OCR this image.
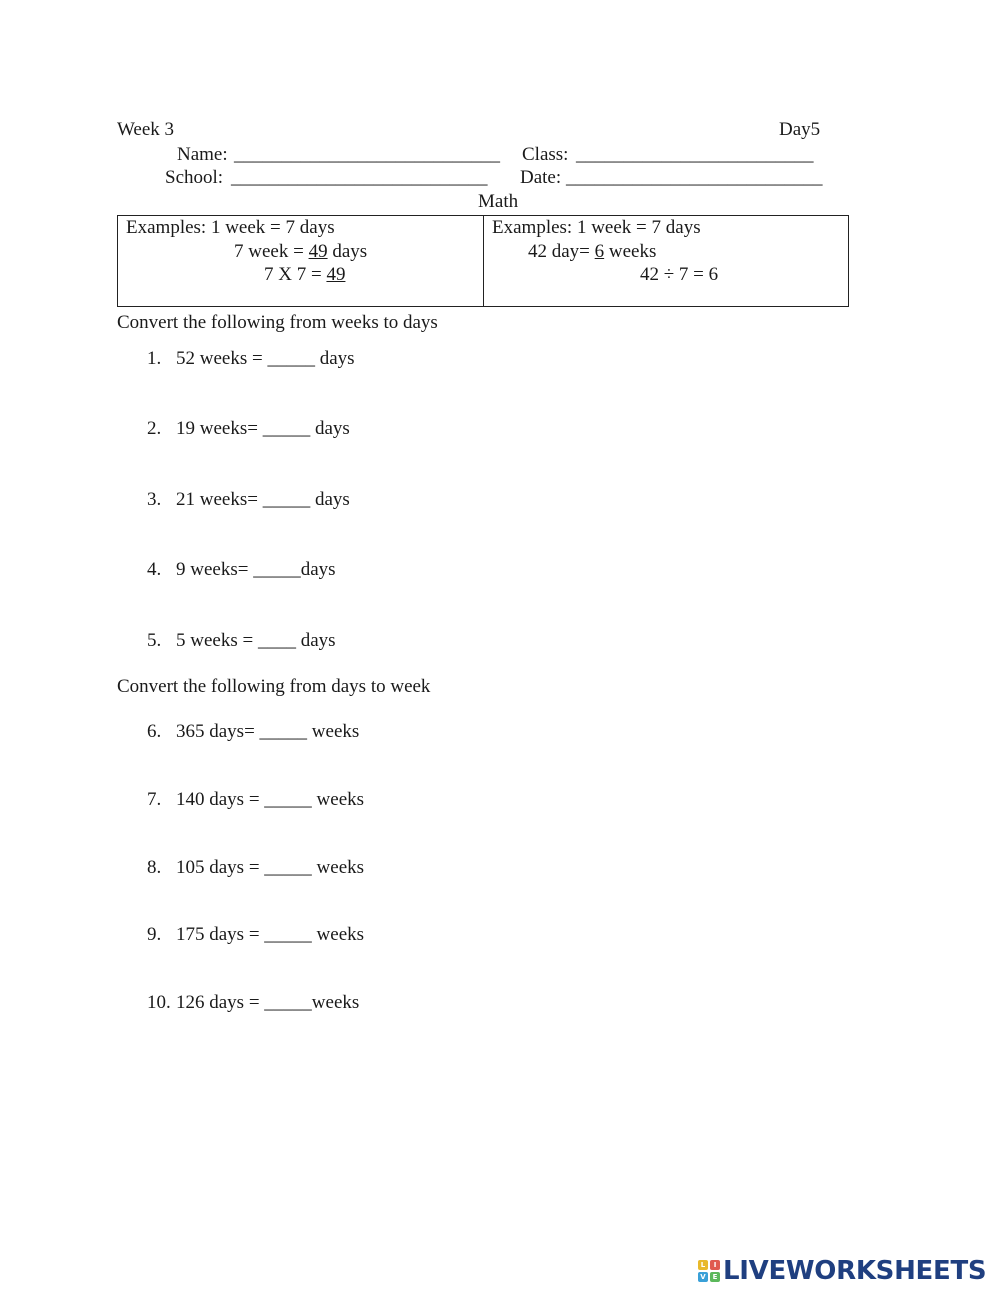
Week 3	Day5
Name: ____________________________ Class: _________________________
School: ___________________________ Date: ___________________________
Math
Examples: 1 week = 7 days
7 week = 49 days
7 X 7 = 49
Examples: 1 week = 7 days
42 day= 6 weeks
42 ÷ 7 = 6
Convert the following from weeks to days
1. 52 weeks = _____ days
2. 19 weeks= _____ days
3. 21 weeks= _____ days
4. 9 weeks= _____days
5. 5 weeks = ____ days
Convert the following from days to week
6. 365 days= _____ weeks
7. 140 days = _____ weeks
8. 105 days = _____ weeks
9. 175 days = _____ weeks
10. 126 days = _____weeks
L	I
V E LIVEWORKSHEETS
